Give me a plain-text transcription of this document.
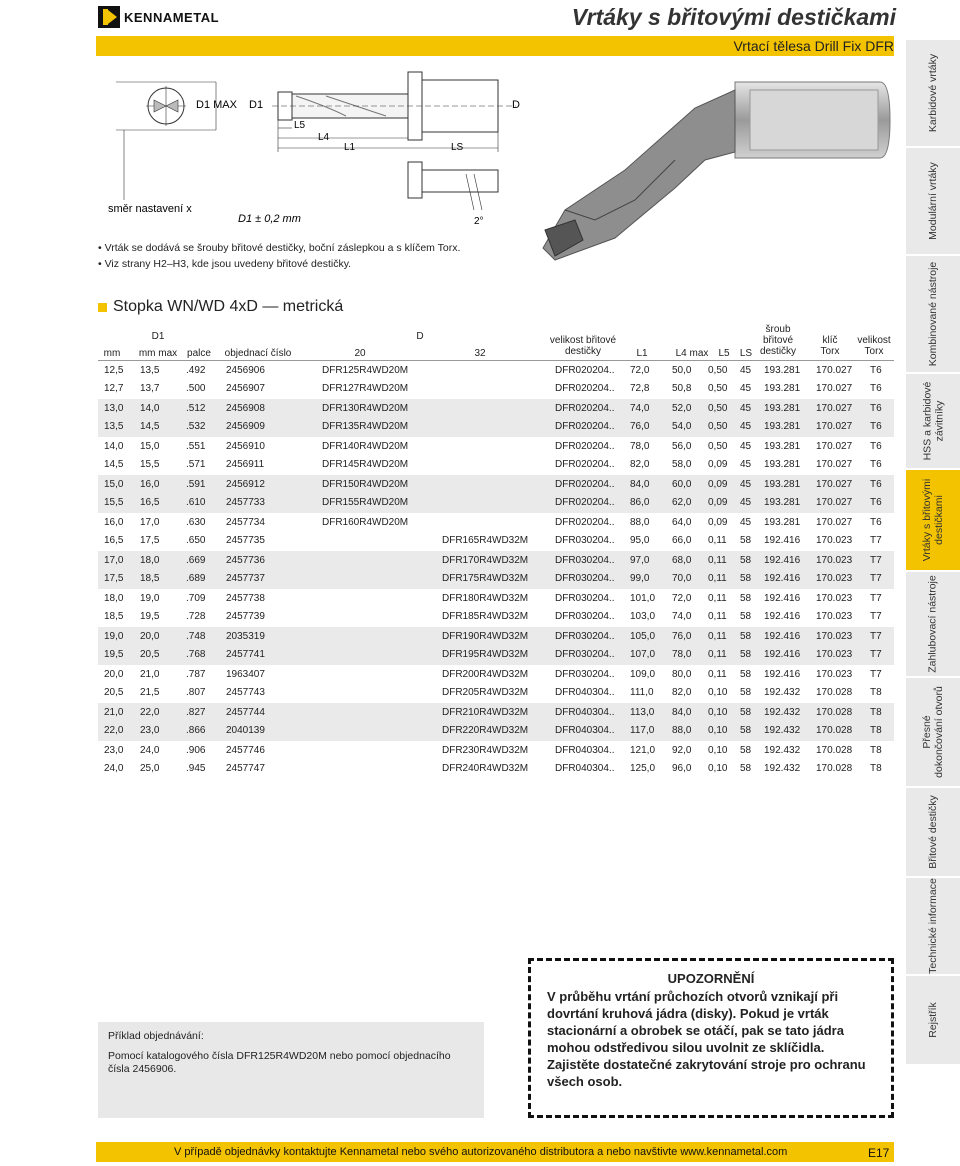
KENNAMETAL	Vrtáky s břitovými destičkami
Vrtací tělesa Drill Fix DFR
Karbidové vrtáky
Modulární vrtáky
Kombinované nástroje
HSS a karbidové
závitníky
Vrtáky s břitovými
destičkami
Zahlubovací nástroje
Přesné
dokončování otvorů
Břitové destičky
Technické informace
Rejstřík
D1 MAX D1
směr nastavení x
D1 ± 0,2 mm
L5
L4
L1	LS
D
2°
• Vrták se dodává se šrouby břitové destičky, boční záslepkou a s klíčem Torx.
• Viz strany H2–H3, kde jsou uvedeny břitové destičky.
Stopka WN/WD 4xD — metrická
D1	D
mm	mm max palce	objednací číslo	20	32
velikost břitové
destičky	L1	L4 max	L5	LS
šroub
břitové
destičky
klíč
Torx
velikost
Torx
12,5 13,5	.492 2456906	DFR125R4WD20M	DFR020204.. 72,0 50,0 0,50 45 193.281 170.027 T6
12,7 13,7	.500 2456907	DFR127R4WD20M	DFR020204.. 72,8 50,8 0,50 45 193.281 170.027 T6
13,0 14,0	.512 2456908	DFR130R4WD20M	DFR020204.. 74,0 52,0 0,50 45 193.281 170.027 T6
13,5 14,5	.532 2456909	DFR135R4WD20M	DFR020204.. 76,0 54,0 0,50 45 193.281 170.027 T6
14,0 15,0	.551 2456910	DFR140R4WD20M	DFR020204.. 78,0 56,0 0,50 45 193.281 170.027 T6
14,5 15,5	.571 2456911	DFR145R4WD20M	DFR020204.. 82,0 58,0 0,09 45 193.281 170.027 T6
15,0 16,0	.591 2456912	DFR150R4WD20M	DFR020204.. 84,0 60,0 0,09 45 193.281 170.027 T6
15,5 16,5	.610 2457733	DFR155R4WD20M	DFR020204.. 86,0 62,0 0,09 45 193.281 170.027 T6
16,0 17,0	.630 2457734	DFR160R4WD20M	DFR020204.. 88,0 64,0 0,09 45 193.281 170.027 T6
16,5 17,5	.650 2457735	DFR165R4WD32M	DFR030204.. 95,0 66,0 0,11 58 192.416 170.023 T7
17,0 18,0	.669 2457736	DFR170R4WD32M	DFR030204.. 97,0 68,0 0,11 58 192.416 170.023 T7
17,5 18,5	.689 2457737	DFR175R4WD32M	DFR030204.. 99,0 70,0 0,11 58 192.416 170.023 T7
18,0 19,0	.709 2457738	DFR180R4WD32M	DFR030204.. 101,0 72,0 0,11 58 192.416 170.023 T7
18,5 19,5	.728 2457739	DFR185R4WD32M	DFR030204.. 103,0 74,0 0,11 58 192.416 170.023 T7
19,0 20,0	.748 2035319	DFR190R4WD32M	DFR030204.. 105,0 76,0 0,11 58 192.416 170.023 T7
19,5 20,5	.768 2457741	DFR195R4WD32M	DFR030204.. 107,0 78,0 0,11 58 192.416 170.023 T7
20,0 21,0	.787 1963407	DFR200R4WD32M	DFR030204.. 109,0 80,0 0,11 58 192.416 170.023 T7
20,5 21,5	.807 2457743	DFR205R4WD32M	DFR040304.. 111,0 82,0 0,10 58 192.432 170.028 T8
21,0 22,0	.827 2457744	DFR210R4WD32M	DFR040304.. 113,0 84,0 0,10 58 192.432 170.028 T8
22,0 23,0	.866 2040139	DFR220R4WD32M	DFR040304.. 117,0 88,0 0,10 58 192.432 170.028 T8
23,0 24,0	.906 2457746	DFR230R4WD32M	DFR040304.. 121,0 92,0 0,10 58 192.432 170.028 T8
24,0 25,0	.945 2457747	DFR240R4WD32M	DFR040304.. 125,0 96,0 0,10 58 192.432 170.028 T8
Příklad objednávání:
Pomocí katalogového čísla DFR125R4WD20M nebo pomocí objednacího čísla 2456906.
UPOZORNĚNÍ
V průběhu vrtání průchozích otvorů vznikají při dovrtání kruhová jádra (disky). Pokud je vrták stacionární a obrobek se otáčí, pak se tato jádra mohou odstředivou silou uvolnit ze sklíčidla. Zajistěte dostatečné zakrytování stroje pro ochranu všech osob.
V případě objednávky kontaktujte Kennametal nebo svého autorizovaného distributora a nebo navštivte www.kennametal.com	E17
